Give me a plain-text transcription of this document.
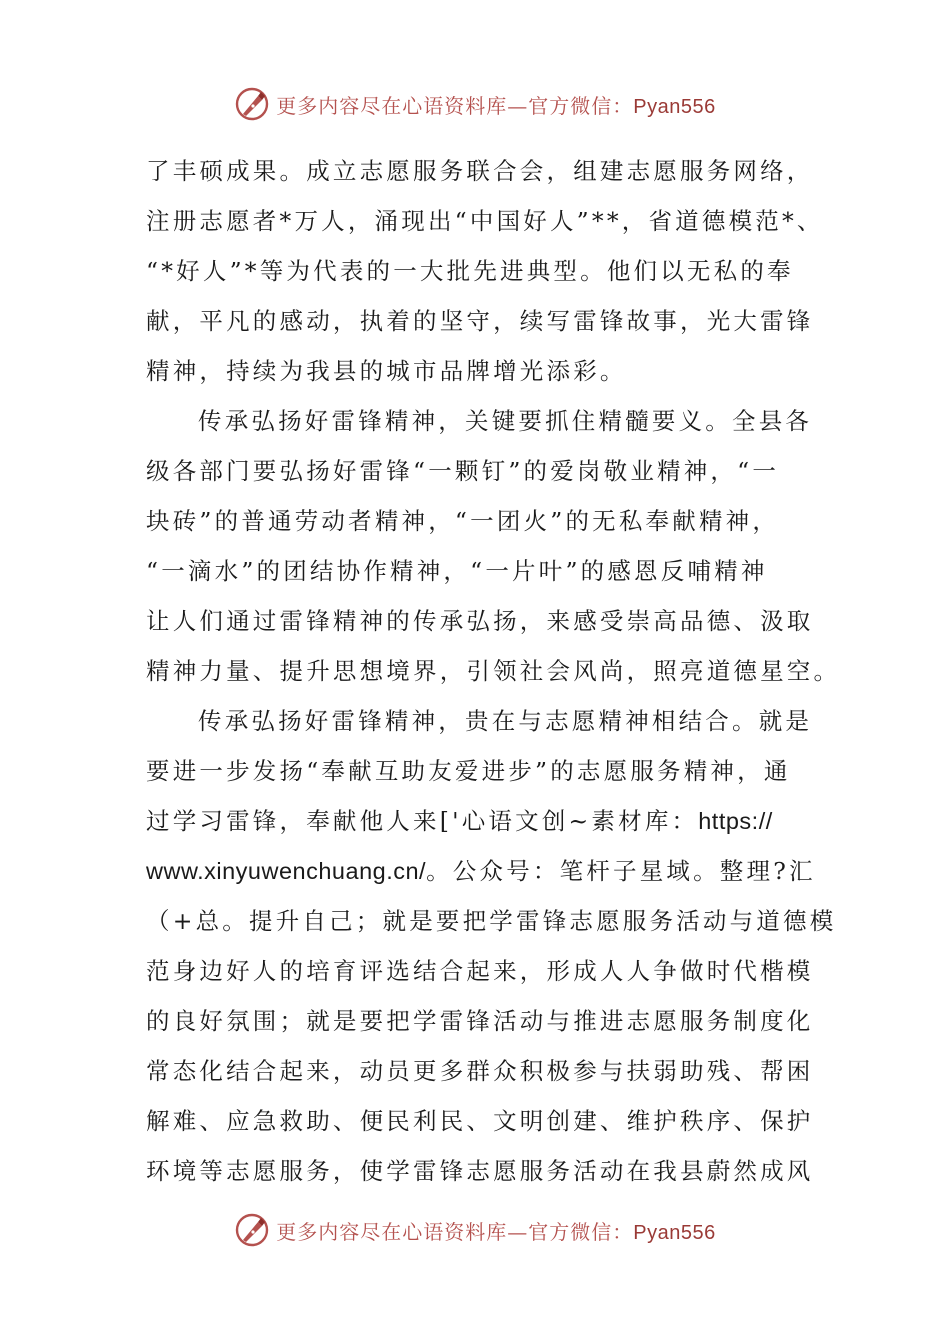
更多内容尽在心语资料库—官方微信：Pyan556
了丰硕成果。成立志愿服务联合会，组建志愿服务网络，
注册志愿者*万人，涌现出“中国好人”**，省道德模范*、
“*好人”*等为代表的一大批先进典型。他们以无私的奉
献，平凡的感动，执着的坚守，续写雷锋故事，光大雷锋
精神，持续为我县的城市品牌增光添彩。
传承弘扬好雷锋精神，关键要抓住精髓要义。全县各
级各部门要弘扬好雷锋“一颗钉”的爱岗敬业精神，“一
块砖”的普通劳动者精神，“一团火”的无私奉献精神，
“一滴水”的团结协作精神，“一片叶”的感恩反哺精神
让人们通过雷锋精神的传承弘扬，来感受崇高品德、汲取
精神力量、提升思想境界，引领社会风尚，照亮道德星空。
传承弘扬好雷锋精神，贵在与志愿精神相结合。就是
要进一步发扬“奉献互助友爱进步”的志愿服务精神，通
过学习雷锋，奉献他人来['心语文创~素材库：https://
www.xinyuwenchuang.cn/。公众号：笔杆子星域。整理?汇
（+总。提升自己；就是要把学雷锋志愿服务活动与道德模
范身边好人的培育评选结合起来，形成人人争做时代楷模
的良好氛围；就是要把学雷锋活动与推进志愿服务制度化
常态化结合起来，动员更多群众积极参与扶弱助残、帮困
解难、应急救助、便民利民、文明创建、维护秩序、保护
环境等志愿服务，使学雷锋志愿服务活动在我县蔚然成风
更多内容尽在心语资料库—官方微信：Pyan556
